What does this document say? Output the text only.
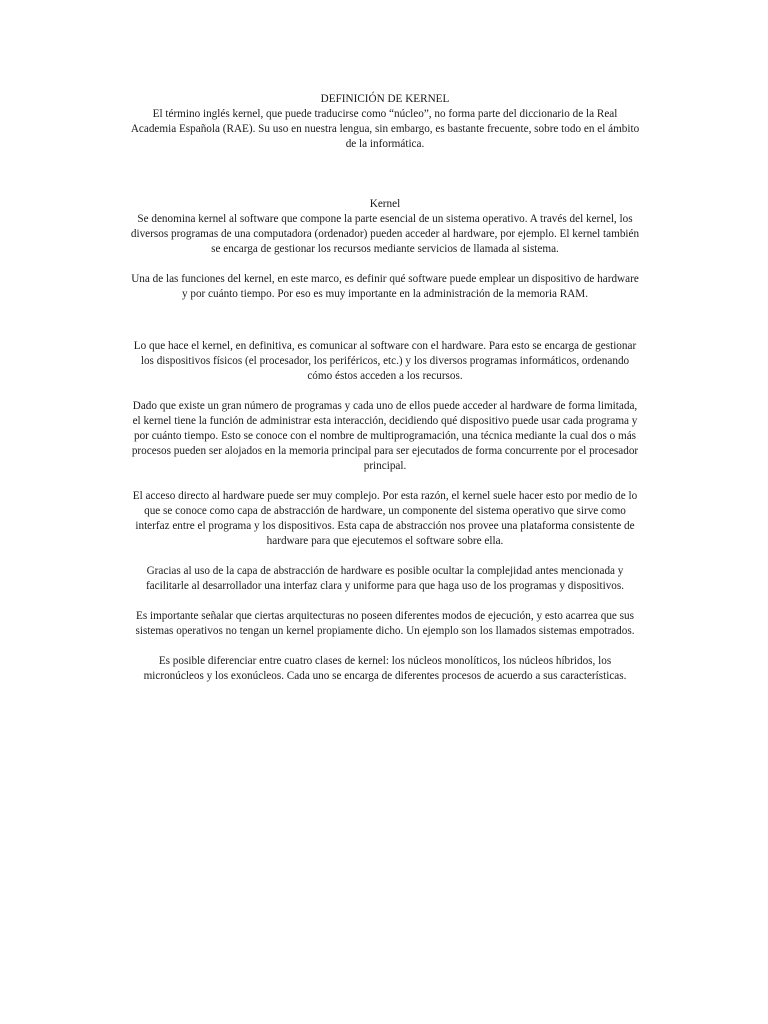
DEFINICIÓN DE KERNEL

El término inglés kernel, que puede traducirse como “núcleo”, no forma parte del diccionario de la Real Academia Española (RAE). Su uso en nuestra lengua, sin embargo, es bastante frecuente, sobre todo en el ámbito de la informática.

Kernel

Se denomina kernel al software que compone la parte esencial de un sistema operativo. A través del kernel, los diversos programas de una computadora (ordenador) pueden acceder al hardware, por ejemplo. El kernel también se encarga de gestionar los recursos mediante servicios de llamada al sistema.

Una de las funciones del kernel, en este marco, es definir qué software puede emplear un dispositivo de hardware y por cuánto tiempo. Por eso es muy importante en la administración de la memoria RAM.

Lo que hace el kernel, en definitiva, es comunicar al software con el hardware. Para esto se encarga de gestionar los dispositivos físicos (el procesador, los periféricos, etc.) y los diversos programas informáticos, ordenando cómo éstos acceden a los recursos.

Dado que existe un gran número de programas y cada uno de ellos puede acceder al hardware de forma limitada, el kernel tiene la función de administrar esta interacción, decidiendo qué dispositivo puede usar cada programa y por cuánto tiempo. Esto se conoce con el nombre de multiprogramación, una técnica mediante la cual dos o más procesos pueden ser alojados en la memoria principal para ser ejecutados de forma concurrente por el procesador principal.

El acceso directo al hardware puede ser muy complejo. Por esta razón, el kernel suele hacer esto por medio de lo que se conoce como capa de abstracción de hardware, un componente del sistema operativo que sirve como interfaz entre el programa y los dispositivos. Esta capa de abstracción nos provee una plataforma consistente de hardware para que ejecutemos el software sobre ella.

Gracias al uso de la capa de abstracción de hardware es posible ocultar la complejidad antes mencionada y facilitarle al desarrollador una interfaz clara y uniforme para que haga uso de los programas y dispositivos.

Es importante señalar que ciertas arquitecturas no poseen diferentes modos de ejecución, y esto acarrea que sus sistemas operativos no tengan un kernel propiamente dicho. Un ejemplo son los llamados sistemas empotrados.

Es posible diferenciar entre cuatro clases de kernel: los núcleos monolíticos, los núcleos híbridos, los micronúcleos y los exonúcleos. Cada uno se encarga de diferentes procesos de acuerdo a sus características.
